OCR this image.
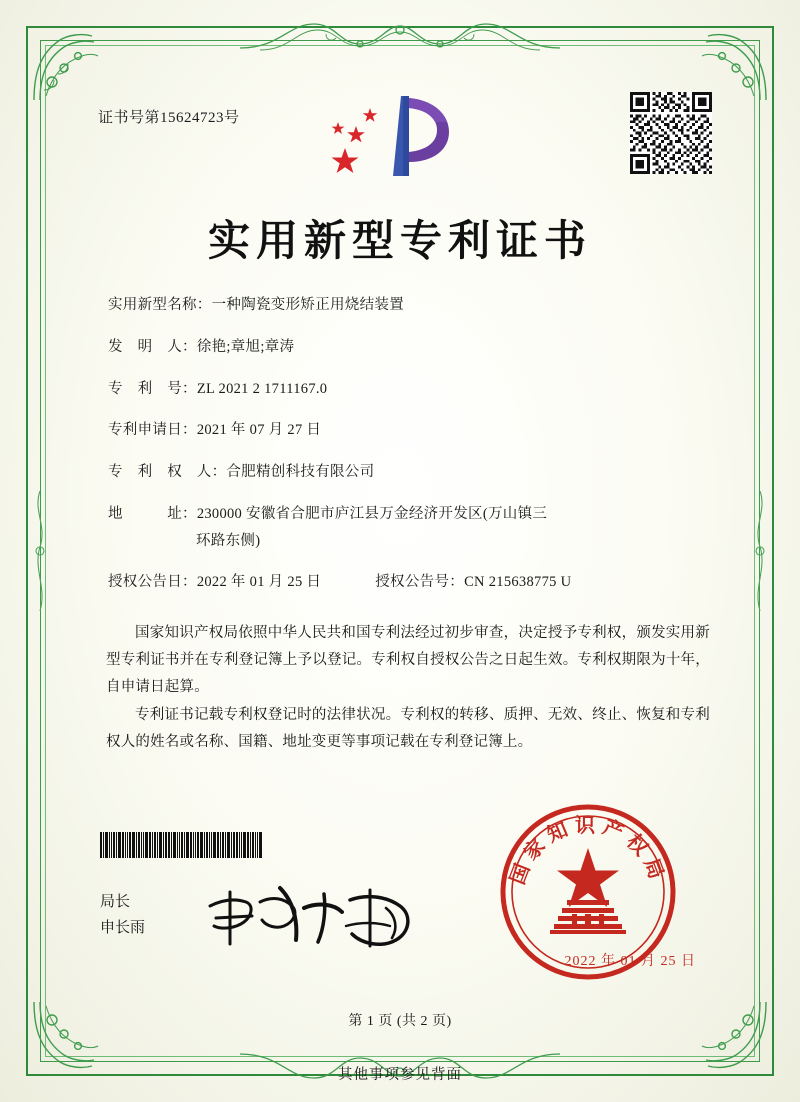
证书号第15624723号
实用新型专利证书
实用新型名称： 一种陶瓷变形矫正用烧结装置
发　明　人： 徐艳;章旭;章涛
专　利　号： ZL 2021 2 1711167.0
专利申请日： 2021 年 07 月 27 日
专　利　权　人： 合肥精创科技有限公司
地　　　址： 230000 安徽省合肥市庐江县万金经济开发区(万山镇三
环路东侧)
授权公告日： 2022 年 01 月 25 日	授权公告号： CN 215638775 U

国家知识产权局依照中华人民共和国专利法经过初步审查，决定授予专利权，颁发实用新型专利证书并在专利登记簿上予以登记。专利权自授权公告之日起生效。专利权期限为十年，自申请日起算。

专利证书记载专利权登记时的法律状况。专利权的转移、质押、无效、终止、恢复和专利权人的姓名或名称、国籍、地址变更等事项记载在专利登记簿上。

局长
申长雨
国家知识产权局
2022 年 01 月 25 日
第 1 页 (共 2 页)
其他事项参见背面
